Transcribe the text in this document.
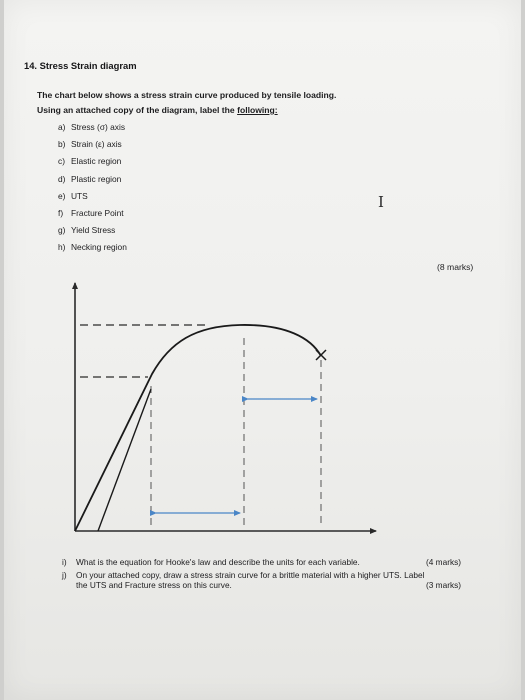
14. Stress Strain diagram
The chart below shows a stress strain curve produced by tensile loading.
Using an attached copy of the diagram, label the following:
a) Stress (σ) axis
b) Strain (ε) axis
c) Elastic region
d) Plastic region
e) UTS
f) Fracture Point
g) Yield Stress
h) Necking region
I
(8 marks)
i) What is the equation for Hooke's law and describe the units for each variable.	(4 marks)
j) On your attached copy, draw a stress strain curve for a brittle material with a higher UTS. Label
the UTS and Fracture stress on this curve.	(3 marks)
